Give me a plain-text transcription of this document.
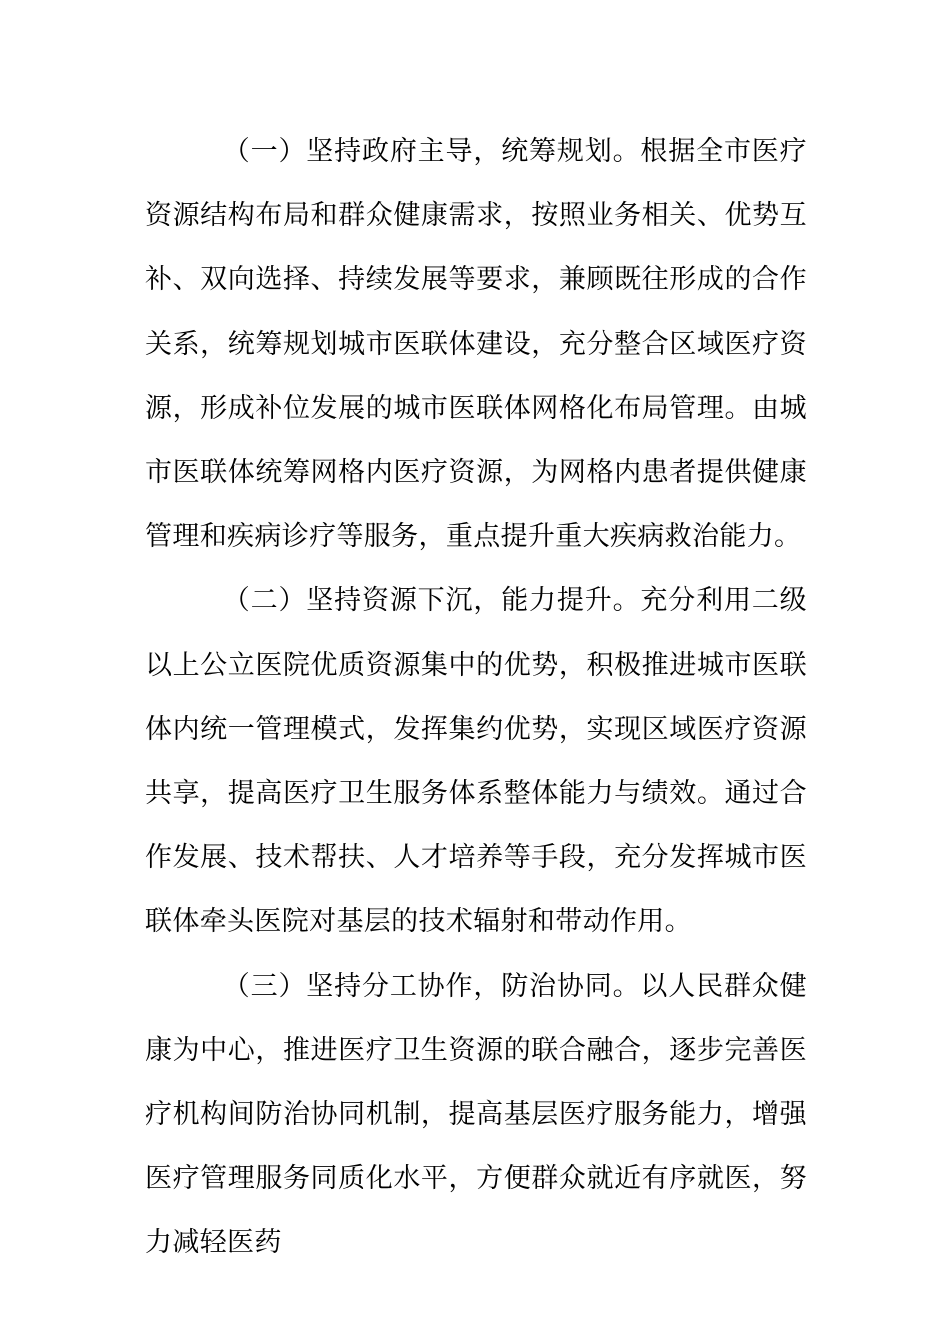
（一）坚持政府主导，统筹规划。根据全市医疗资源结构布局和群众健康需求，按照业务相关、优势互补、双向选择、持续发展等要求，兼顾既往形成的合作关系，统筹规划城市医联体建设，充分整合区域医疗资源，形成补位发展的城市医联体网格化布局管理。由城市医联体统筹网格内医疗资源，为网格内患者提供健康管理和疾病诊疗等服务，重点提升重大疾病救治能力。

（二）坚持资源下沉，能力提升。充分利用二级以上公立医院优质资源集中的优势，积极推进城市医联体内统一管理模式，发挥集约优势，实现区域医疗资源共享，提高医疗卫生服务体系整体能力与绩效。通过合作发展、技术帮扶、人才培养等手段，充分发挥城市医联体牵头医院对基层的技术辐射和带动作用。

（三）坚持分工协作，防治协同。以人民群众健康为中心，推进医疗卫生资源的联合融合，逐步完善医疗机构间防治协同机制，提高基层医疗服务能力，增强医疗管理服务同质化水平，方便群众就近有序就医，努力减轻医药
